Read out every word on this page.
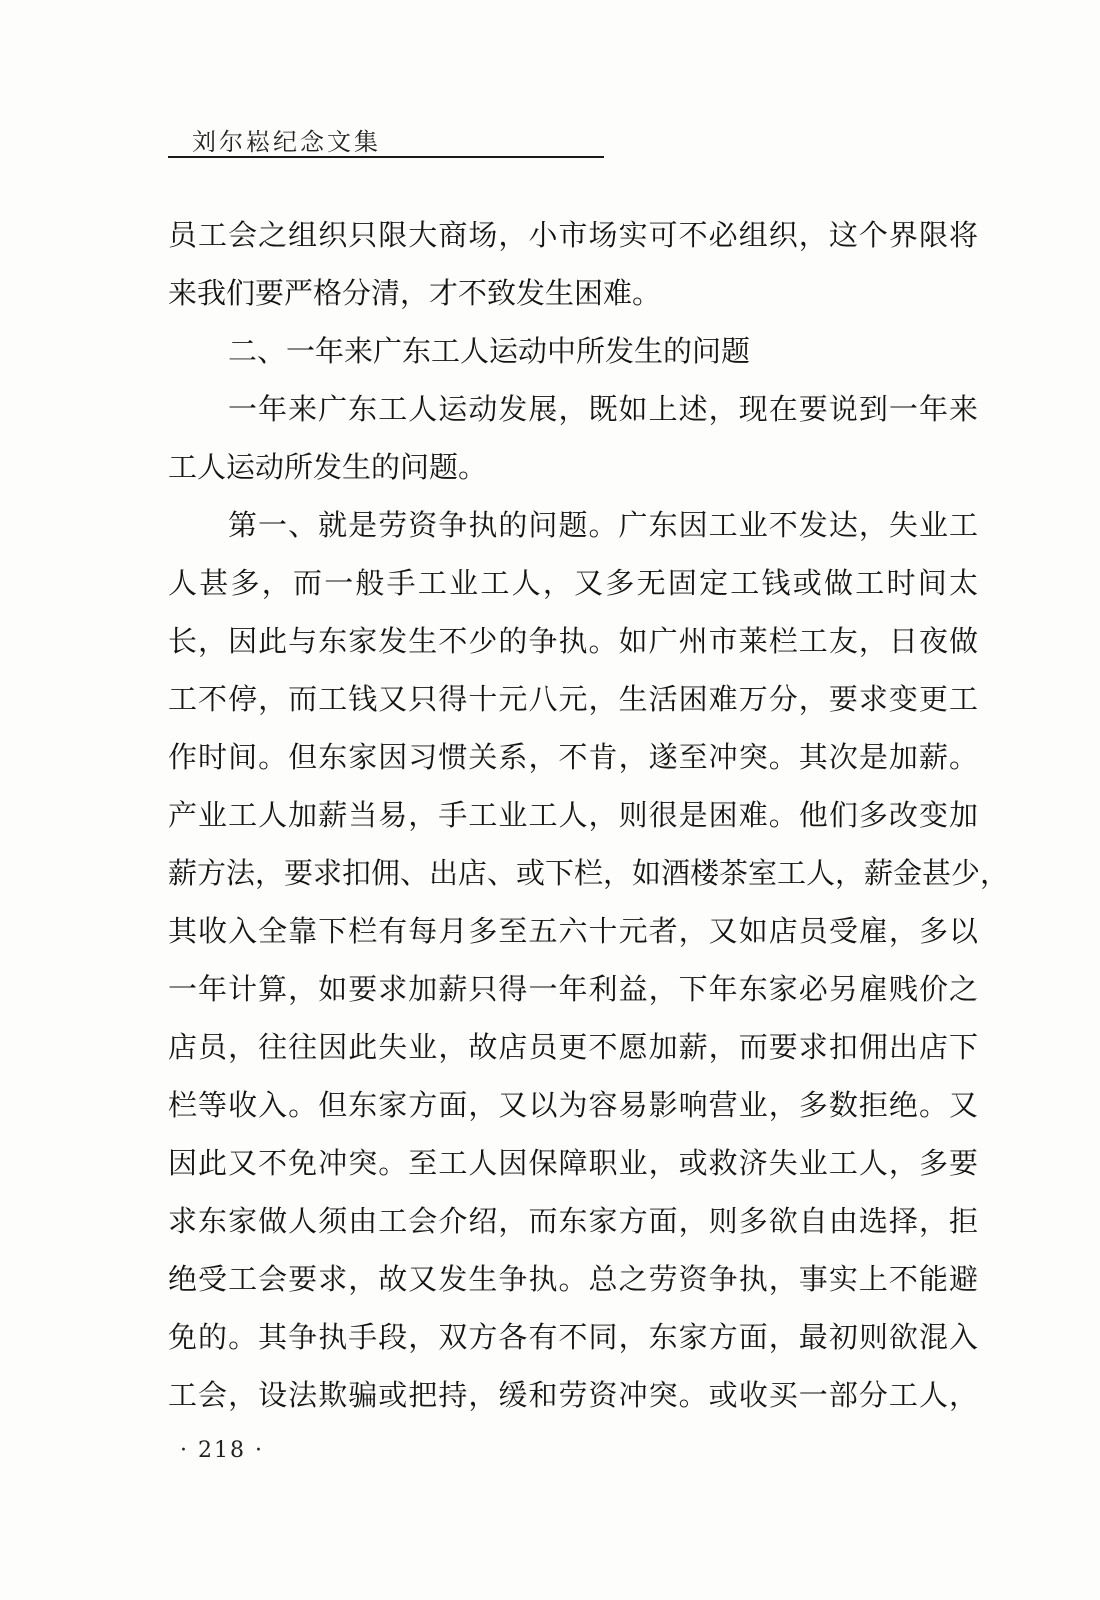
刘尔崧纪念文集
员工会之组织只限大商场，小市场实可不必组织，这个界限将
来我们要严格分清，才不致发生困难。
二、一年来广东工人运动中所发生的问题
一年来广东工人运动发展，既如上述，现在要说到一年来
工人运动所发生的问题。
第一、就是劳资争执的问题。广东因工业不发达，失业工
人甚多，而一般手工业工人，又多无固定工钱或做工时间太
长，因此与东家发生不少的争执。如广州市莱栏工友，日夜做
工不停，而工钱又只得十元八元，生活困难万分，要求变更工
作时间。但东家因习惯关系，不肯，遂至冲突。其次是加薪。
产业工人加薪当易，手工业工人，则很是困难。他们多改变加
薪方法，要求扣佣、出店、或下栏，如酒楼茶室工人，薪金甚少，
其收入全靠下栏有每月多至五六十元者，又如店员受雇，多以
一年计算，如要求加薪只得一年利益，下年东家必另雇贱价之
店员，往往因此失业，故店员更不愿加薪，而要求扣佣出店下
栏等收入。但东家方面，又以为容易影响营业，多数拒绝。又
因此又不免冲突。至工人因保障职业，或救济失业工人，多要
求东家做人须由工会介绍，而东家方面，则多欲自由选择，拒
绝受工会要求，故又发生争执。总之劳资争执，事实上不能避
免的。其争执手段，双方各有不同，东家方面，最初则欲混入
工会，设法欺骗或把持，缓和劳资冲突。或收买一部分工人，
· 218 ·
